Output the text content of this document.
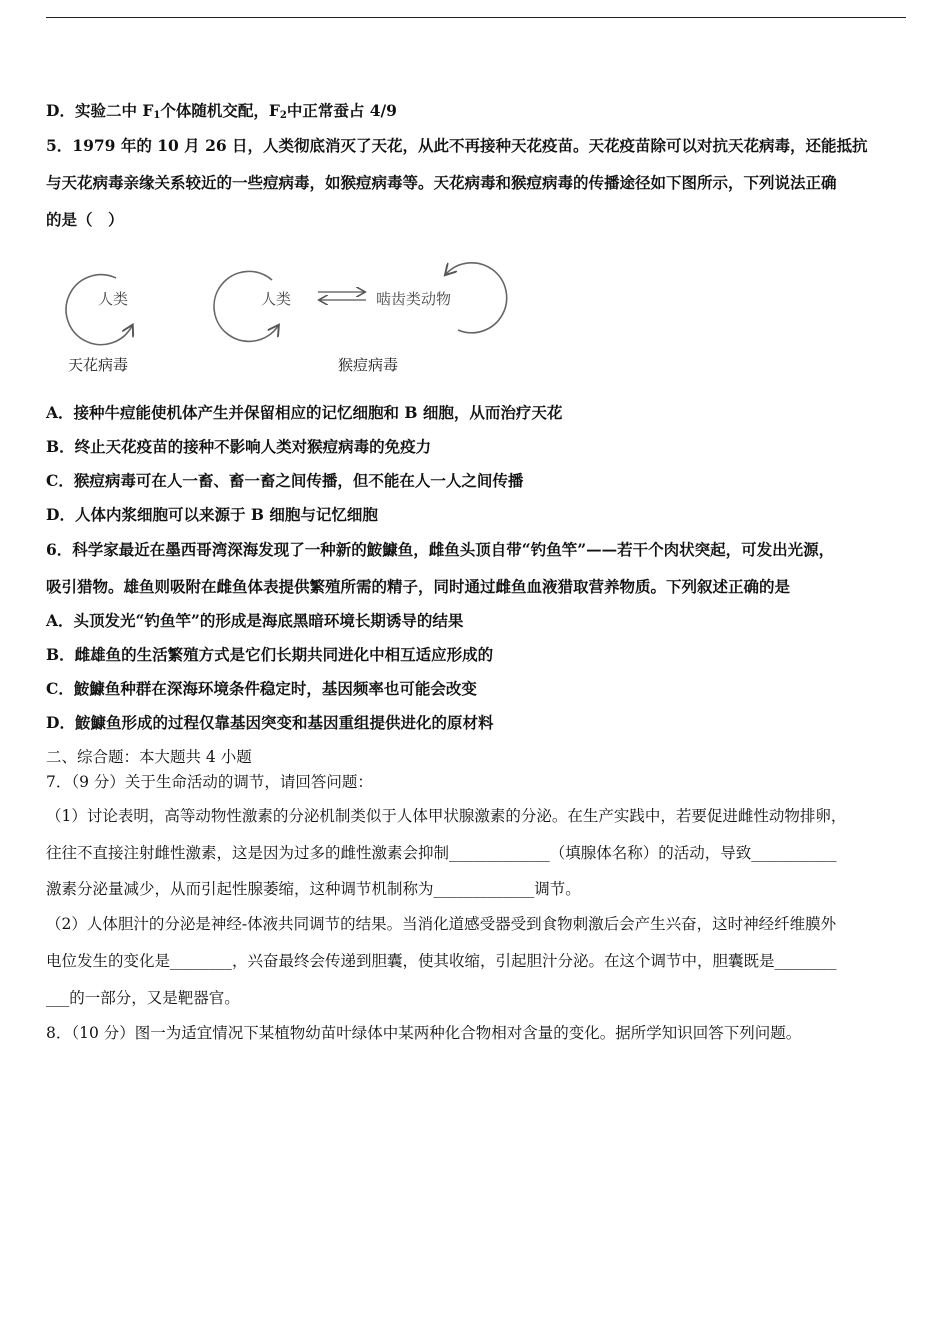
D．实验二中 $F_1$个体随机交配，$F_2$中正常蚕占 4/9
5．1979 年的 10 月 26 日，人类彻底消灭了天花，从此不再接种天花疫苗。天花疫苗除可以对抗天花病毒，还能抵抗
与天花病毒亲缘关系较近的一些痘病毒，如猴痘病毒等。天花病毒和猴痘病毒的传播途径如下图所示，下列说法正确
的是（　）
人类
天花病毒
人类	啮齿类动物
猴痘病毒
A．接种牛痘能使机体产生并保留相应的记忆细胞和 B 细胞，从而治疗天花
B．终止天花疫苗的接种不影响人类对猴痘病毒的免疫力
C．猴痘病毒可在人一畜、畜一畜之间传播，但不能在人一人之间传播
D．人体内浆细胞可以来源于 B 细胞与记忆细胞
6．科学家最近在墨西哥湾深海发现了一种新的鮟鱇鱼，雌鱼头顶自带“钓鱼竿”——若干个肉状突起，可发出光源，
吸引猎物。雄鱼则吸附在雌鱼体表提供繁殖所需的精子，同时通过雌鱼血液猎取营养物质。下列叙述正确的是
A．头顶发光“钓鱼竿”的形成是海底黑暗环境长期诱导的结果
B．雌雄鱼的生活繁殖方式是它们长期共同进化中相互适应形成的
C．鮟鱇鱼种群在深海环境条件稳定时，基因频率也可能会改变
D．鮟鱇鱼形成的过程仅靠基因突变和基因重组提供进化的原材料
二、综合题：本大题共 4 小题
7．（9 分）关于生命活动的调节，请回答问题：
（1）讨论表明，高等动物性激素的分泌机制类似于人体甲状腺激素的分泌。在生产实践中，若要促进雌性动物排卵，
往往不直接注射雌性激素，这是因为过多的雌性激素会抑制_____________（填腺体名称）的活动，导致___________
激素分泌量减少，从而引起性腺萎缩，这种调节机制称为_____________调节。
（2）人体胆汁的分泌是神经-体液共同调节的结果。当消化道感受器受到食物刺激后会产生兴奋，这时神经纤维膜外
电位发生的变化是________，兴奋最终会传递到胆囊，使其收缩，引起胆汁分泌。在这个调节中，胆囊既是________
___的一部分，又是靶器官。
8．（10 分）图一为适宜情况下某植物幼苗叶绿体中某两种化合物相对含量的变化。据所学知识回答下列问题。
